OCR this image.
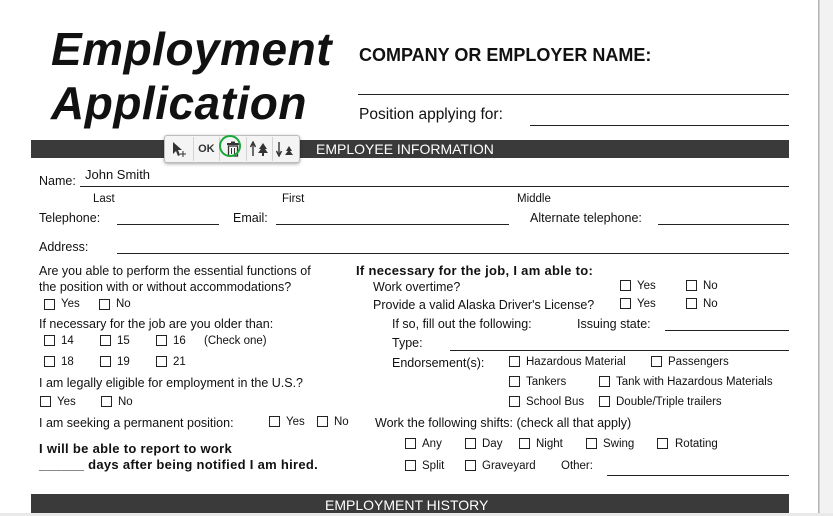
Employment
Application
COMPANY OR EMPLOYER NAME:
Position applying for:
EMPLOYEE INFORMATION
Name: John Smith
Last	First	Middle
Telephone:	Email:	Alternate telephone:
Address:
Are you able to perform the essential functions of
the position with or without accommodations?
Yes	No
If necessary for the job are you older than:
14	15	16 (Check one)
18	19	21
I am legally eligible for employment in the U.S.?
Yes	No
I am seeking a permanent position:	Yes	No
I will be able to report to work
______ days after being notified I am hired.
If necessary for the job, I am able to:
Work overtime?	Yes	No
Provide a valid Alaska Driver's License?	Yes	No
If so, fill out the following:	Issuing state:
Type:
Endorsement(s):	Hazardous Material	Passengers
Tankers	Tank with Hazardous Materials
School Bus	Double/Triple trailers
Work the following shifts: (check all that apply)
Any	Day	Night	Swing	Rotating
Split	Graveyard Other:
EMPLOYMENT HISTORY
OK
